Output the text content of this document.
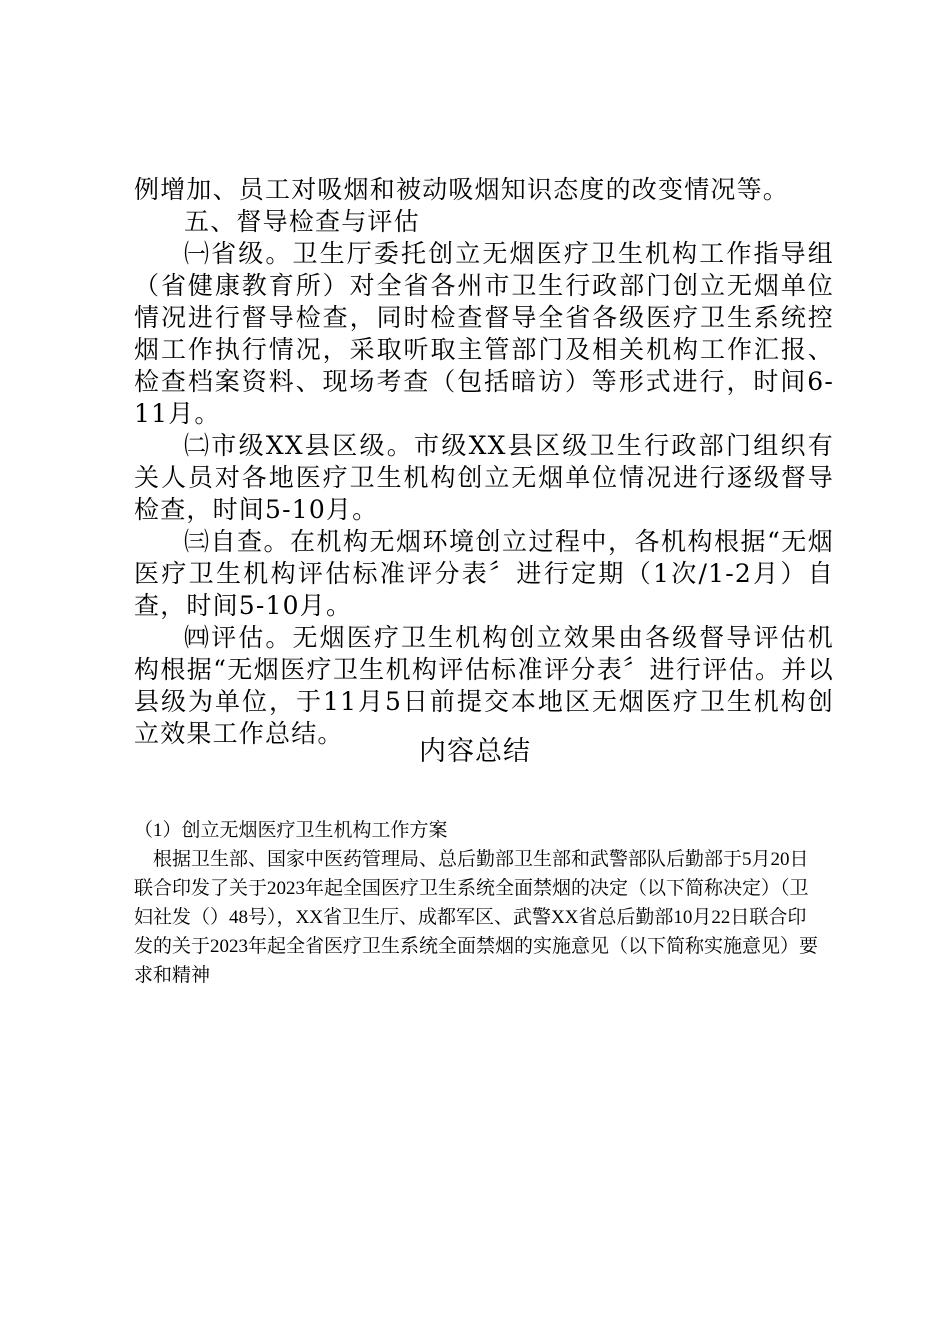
例增加、员工对吸烟和被动吸烟知识态度的改变情况等。

五、督导检查与评估

㈠省级。卫生厅委托创立无烟医疗卫生机构工作指导组（省健康教育所）对全省各州市卫生行政部门创立无烟单位情况进行督导检查，同时检查督导全省各级医疗卫生系统控烟工作执行情况，采取听取主管部门及相关机构工作汇报、检查档案资料、现场考查（包括暗访）等形式进行，时间6-11月。

㈡市级XX县区级。市级XX县区级卫生行政部门组织有关人员对各地医疗卫生机构创立无烟单位情况进行逐级督导检查，时间5-10月。

㈢自查。在机构无烟环境创立过程中，各机构根据“无烟医疗卫生机构评估标准评分表〞进行定期（1次/1-2月）自查，时间5-10月。

㈣评估。无烟医疗卫生机构创立效果由各级督导评估机构根据“无烟医疗卫生机构评估标准评分表〞进行评估。并以县级为单位，于11月5日前提交本地区无烟医疗卫生机构创立效果工作总结。

内容总结

（1）创立无烟医疗卫生机构工作方案

根据卫生部、国家中医药管理局、总后勤部卫生部和武警部队后勤部于5月20日联合印发了关于2023年起全国医疗卫生系统全面禁烟的决定（以下简称决定）（卫妇社发（）48号），XX省卫生厅、成都军区、武警XX省总后勤部10月22日联合印发的关于2023年起全省医疗卫生系统全面禁烟的实施意见（以下简称实施意见）要求和精神
